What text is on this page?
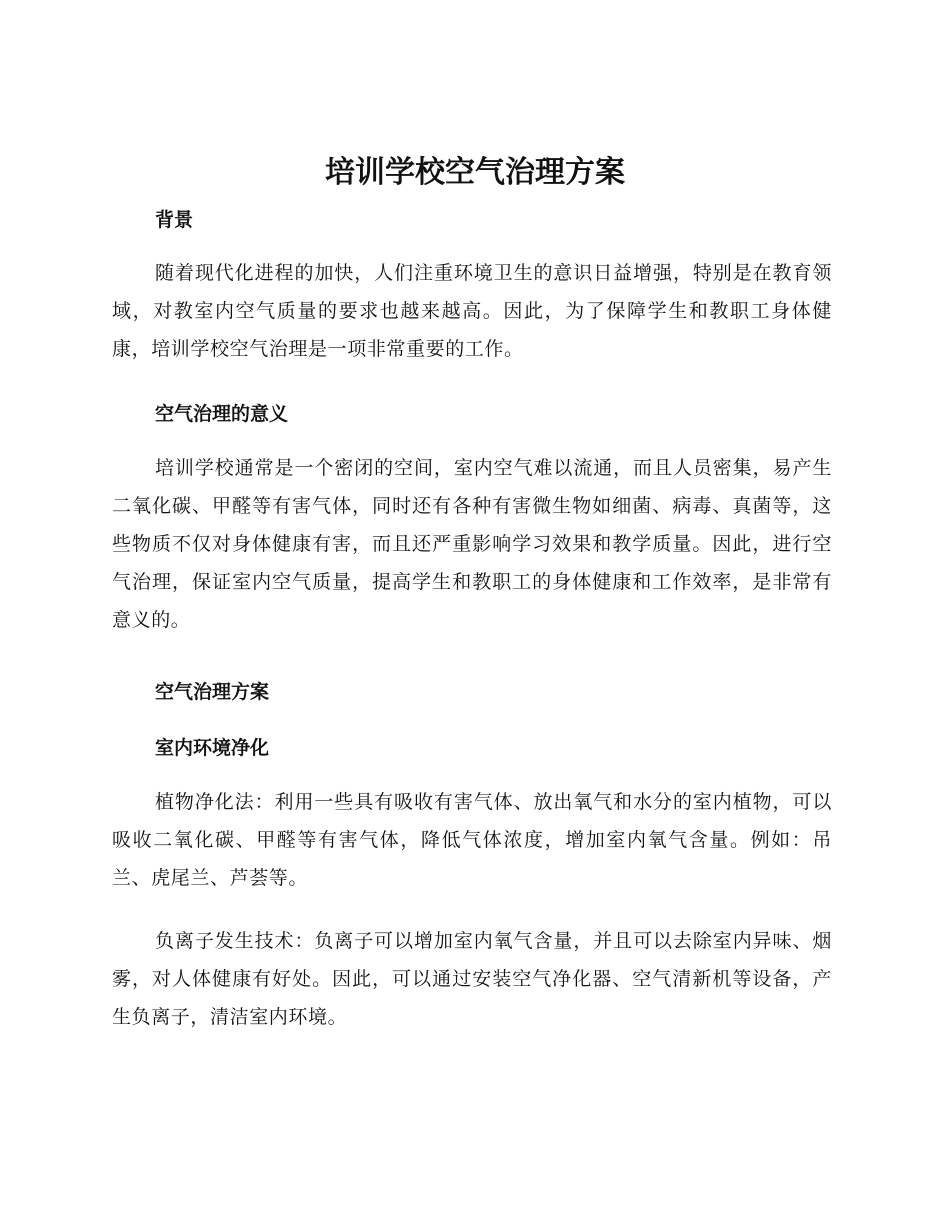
培训学校空气治理方案
背景

随着现代化进程的加快，人们注重环境卫生的意识日益增强，特别是在教育领域，对教室内空气质量的要求也越来越高。因此，为了保障学生和教职工身体健康，培训学校空气治理是一项非常重要的工作。

空气治理的意义

培训学校通常是一个密闭的空间，室内空气难以流通，而且人员密集，易产生二氧化碳、甲醛等有害气体，同时还有各种有害微生物如细菌、病毒、真菌等，这些物质不仅对身体健康有害，而且还严重影响学习效果和教学质量。因此，进行空气治理，保证室内空气质量，提高学生和教职工的身体健康和工作效率，是非常有意义的。

空气治理方案
室内环境净化

植物净化法：利用一些具有吸收有害气体、放出氧气和水分的室内植物，可以吸收二氧化碳、甲醛等有害气体，降低气体浓度，增加室内氧气含量。例如：吊兰、虎尾兰、芦荟等。

负离子发生技术：负离子可以增加室内氧气含量，并且可以去除室内异味、烟雾，对人体健康有好处。因此，可以通过安装空气净化器、空气清新机等设备，产生负离子，清洁室内环境。
